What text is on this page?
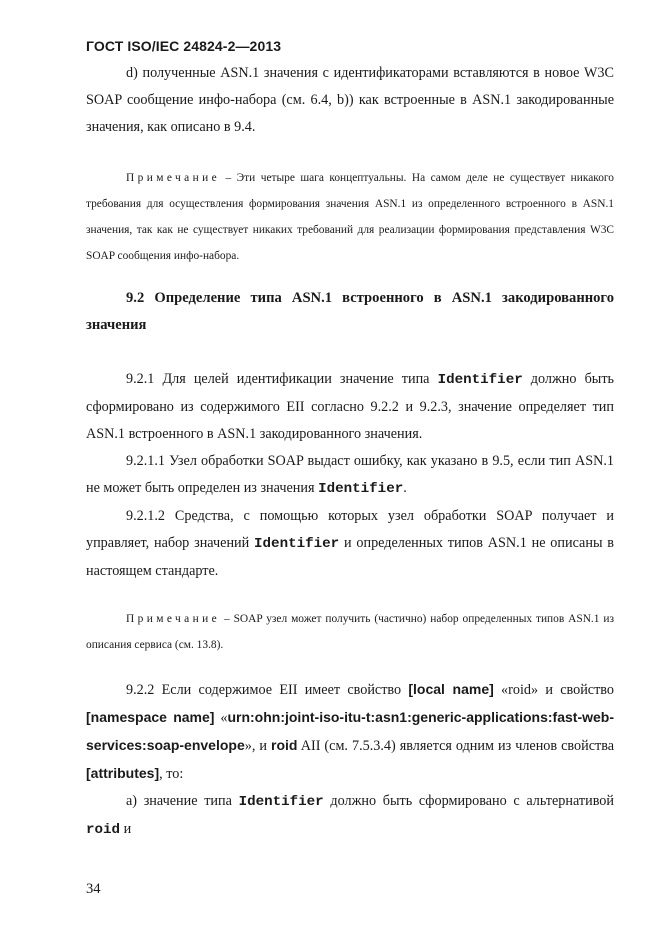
ГОСТ ISO/IEC 24824-2—2013

d) полученные ASN.1 значения с идентификаторами вставляются в новое W3C SOAP сообщение инфо-набора (см. 6.4, b)) как встроенные в ASN.1 закодированные значения, как описано в 9.4.

Примечание – Эти четыре шага концептуальны. На самом деле не существует никакого требования для осуществления формирования значения ASN.1 из определенного встроенного в ASN.1 значения, так как не существует никаких требований для реализации формирования представления W3C SOAP сообщения инфо-набора.

9.2 Определение типа ASN.1 встроенного в ASN.1 закодированного значения

9.2.1 Для целей идентификации значение типа Identifier должно быть сформировано из содержимого EII согласно 9.2.2 и 9.2.3, значение определяет тип ASN.1 встроенного в ASN.1 закодированного значения.

9.2.1.1 Узел обработки SOAP выдаст ошибку, как указано в 9.5, если тип ASN.1 не может быть определен из значения Identifier.

9.2.1.2 Средства, с помощью которых узел обработки SOAP получает и управляет, набор значений Identifier и определенных типов ASN.1 не описаны в настоящем стандарте.

Примечание – SOAP узел может получить (частично) набор определенных типов ASN.1 из описания сервиса (см. 13.8).

9.2.2 Если содержимое EII имеет свойство [local name] «roid» и свойство [namespace name] «urn:ohn:joint-iso-itu-t:asn1:generic-applications:fast-web-services:soap-envelope», и roid AII (см. 7.5.3.4) является одним из членов свойства [attributes], то:

а) значение типа Identifier должно быть сформировано с альтернативой roid и

34
